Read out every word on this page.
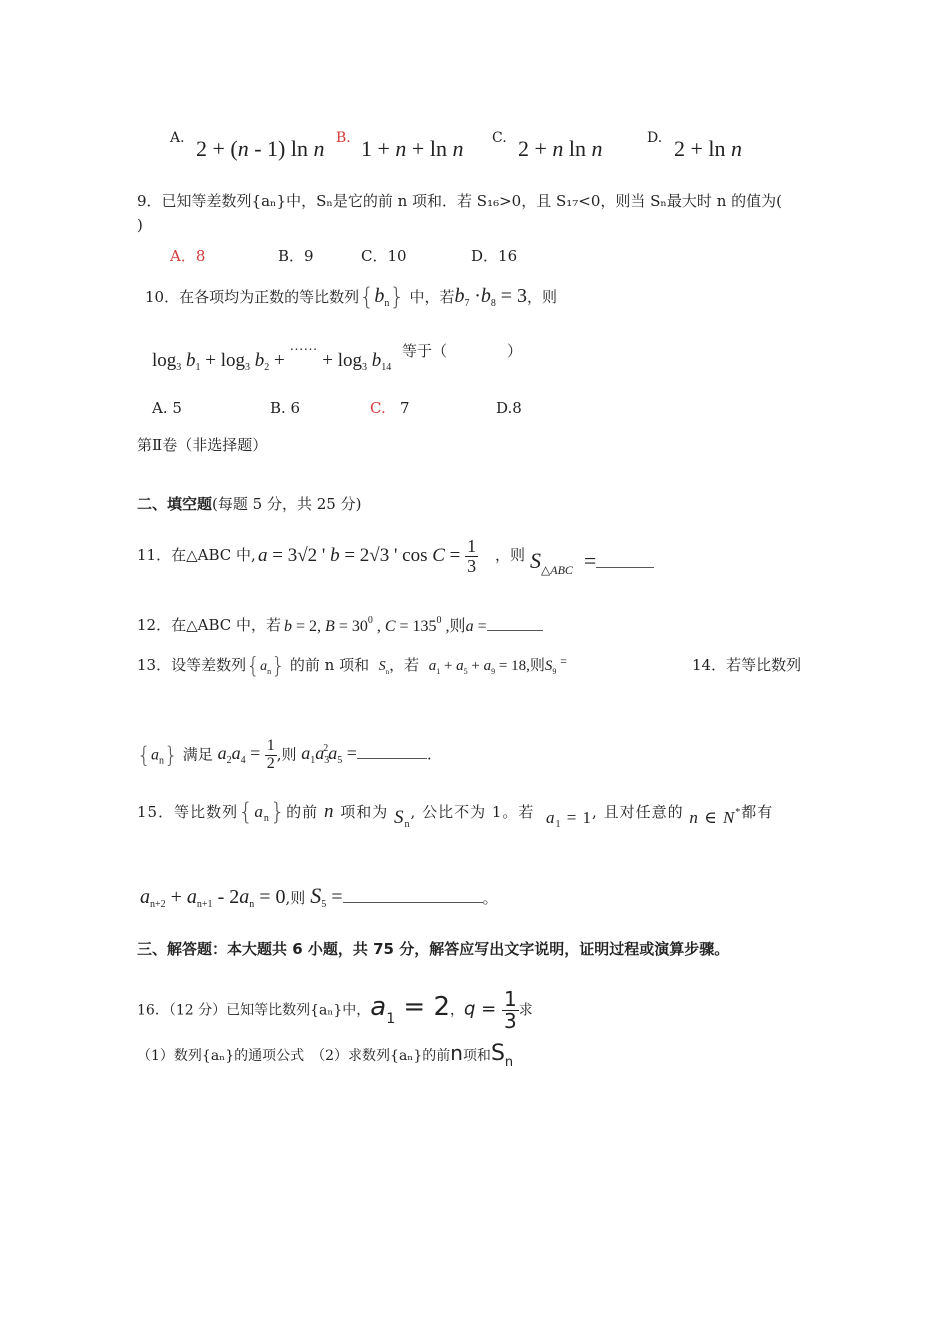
A. 2 + (n - 1) ln n B. 1 + n + ln n C. 2 + n ln n	D. 2 + ln n
9．已知等差数列{aₙ}中，Sₙ是它的前 n 项和．若 S₁₆>0，且 S₁₇<0，则当 Sₙ最大时 n 的值为(
)
A．8	B．9	C．10	D．16
10．在各项均为正数的等比数列$\{b_n\}$ 中，若$b_7 \cdot b_8 = 3$，则
$\log_3 b_1 + \log_3 b_2 + ^{\cdot\cdot\cdot\cdot\cdot\cdot} + \log_3 b_{14}$
等于（	）
A. 5	B. 6	C.   7	D.8
第Ⅱ卷（非选择题）
二、填空题(每题 5 分，共 25 分)
11．在△ABC 中, a = 3√2 ' b = 2√3 ' $\cos C = \frac{1}{3}$ ，则 $S_{\triangle ABC}$  =
12．在△ABC 中，若 b = 2, $B = 30^0$ , $C = 135^0$ ,则a =
13．设等差数列$\{a_n\}$ 的前 n 项和 $S_n$，若 $a_1 + a_5 + a_9 = 18$,则$S_9$ =	14．若等比数列
$\{a_n\}$ 满足 $a_2a_4 = \frac{1}{2}$ ,则 $a_1a_3^2a_5$ =	.
15．等比数列$\{a_n\}$的前 n 项和为 $S_n$, 公比不为 1。若 $a_1 = 1$, 且对任意的 n ∈ N*都有
$a_{n+2} + a_{n+1} - 2a_n = 0$,则 $S_5$ =	。
三、解答题：本大题共 6 小题，共 75 分，解答应写出文字说明，证明过程或演算步骤。
16．（12 分）已知等比数列{aₙ}中，$a_1 = 2$，$q = \frac{1}{3}$ 求
（1）数列{aₙ}的通项公式　（2）求数列{aₙ}的前n项和Sn
